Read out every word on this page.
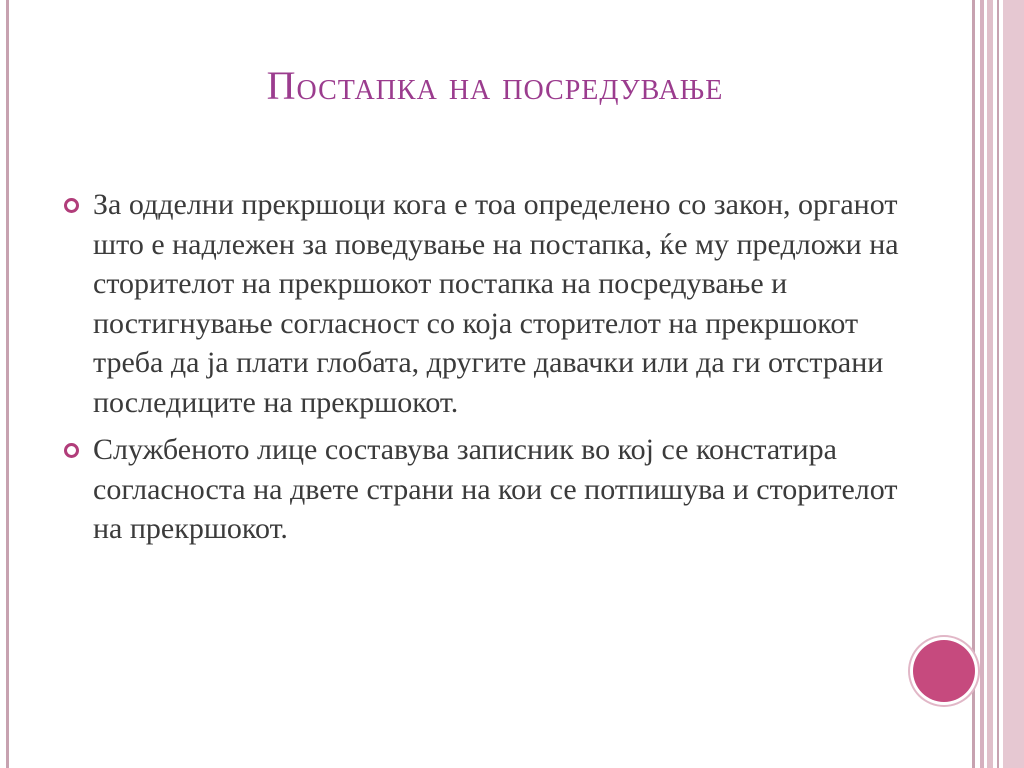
Постапка на посредување
За одделни прекршоци кога е тоа определено со закон, органот што е надлежен за поведување на постапка, ќе му предложи на сторителот на прекршокот постапка на посредување и постигнување согласност со која сторителот на прекршокот треба да ја плати глобата, другите давачки или да ги отстрани последиците на прекршокот.
Службеното лице составува записник во кој се констатира согласноста на двете страни на кои се потпишува и сторителот на прекршокот.
